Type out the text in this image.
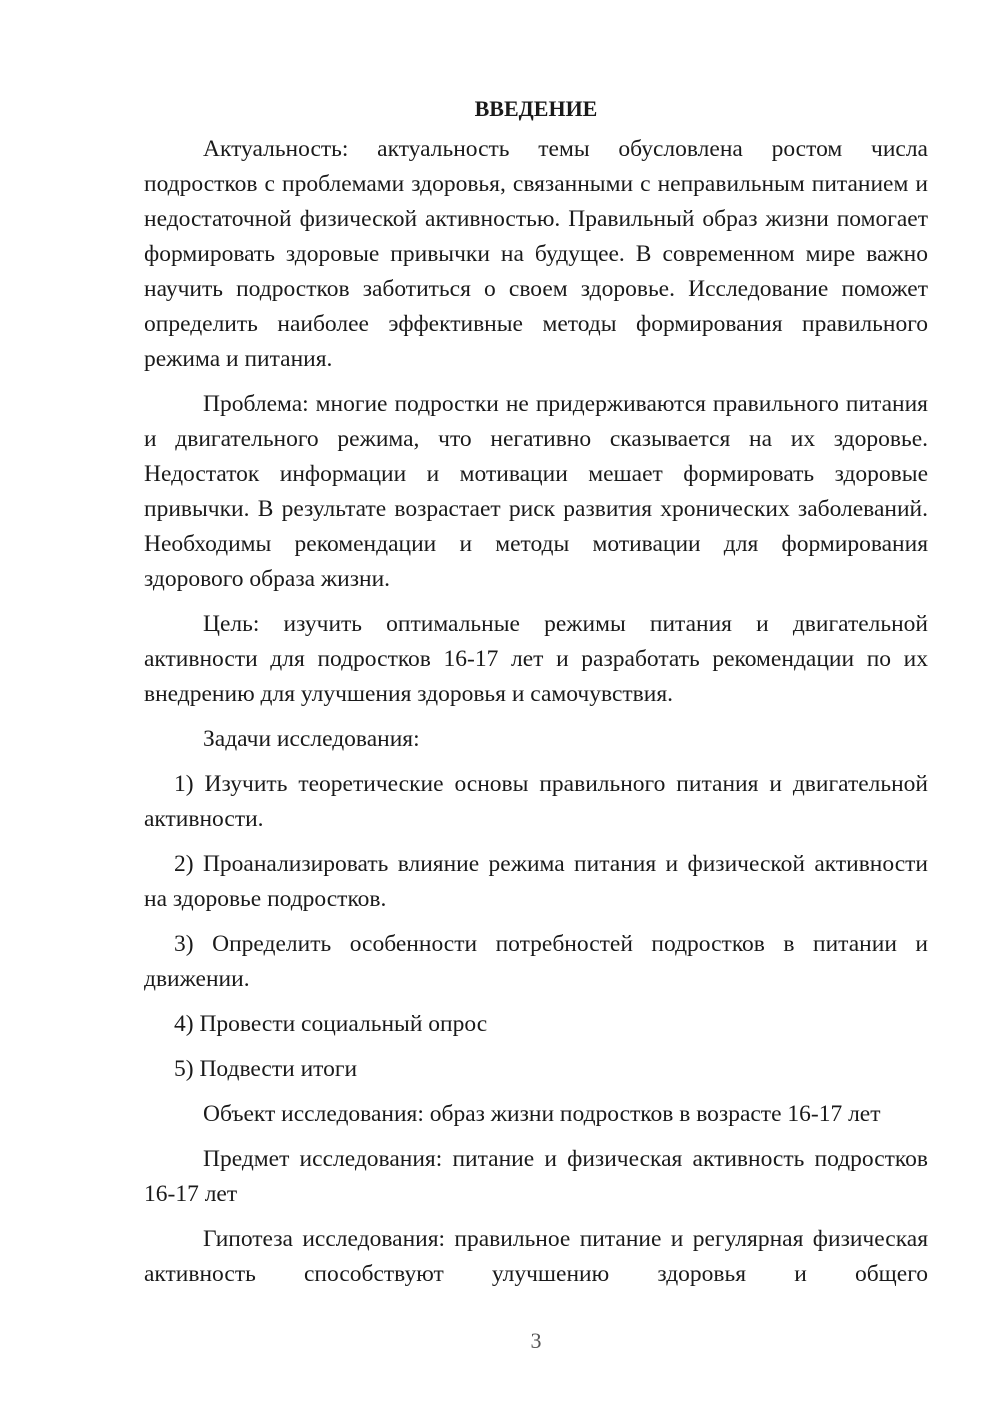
ВВЕДЕНИЕ

Актуальность: актуальность темы обусловлена ростом числа подростков с проблемами здоровья, связанными с неправильным питанием и недостаточной физической активностью. Правильный образ жизни помогает формировать здоровые привычки на будущее. В современном мире важно научить подростков заботиться о своем здоровье. Исследование поможет определить наиболее эффективные методы формирования правильного режима и питания.

Проблема: многие подростки не придерживаются правильного питания и двигательного режима, что негативно сказывается на их здоровье. Недостаток информации и мотивации мешает формировать здоровые привычки. В результате возрастает риск развития хронических заболеваний. Необходимы рекомендации и методы мотивации для формирования здорового образа жизни.

Цель: изучить оптимальные режимы питания и двигательной активности для подростков 16-17 лет и разработать рекомендации по их внедрению для улучшения здоровья и самочувствия.

Задачи исследования:

1) Изучить теоретические основы правильного питания и двигательной активности.

2) Проанализировать влияние режима питания и физической активности на здоровье подростков.

3) Определить особенности потребностей подростков в питании и движении.

4) Провести социальный опрос

5) Подвести итоги

Объект исследования: образ жизни подростков в возрасте 16-17 лет

Предмет исследования: питание и физическая активность подростков 16-17 лет

Гипотеза исследования: правильное питание и регулярная физическая активность способствуют улучшению здоровья и общего

3
